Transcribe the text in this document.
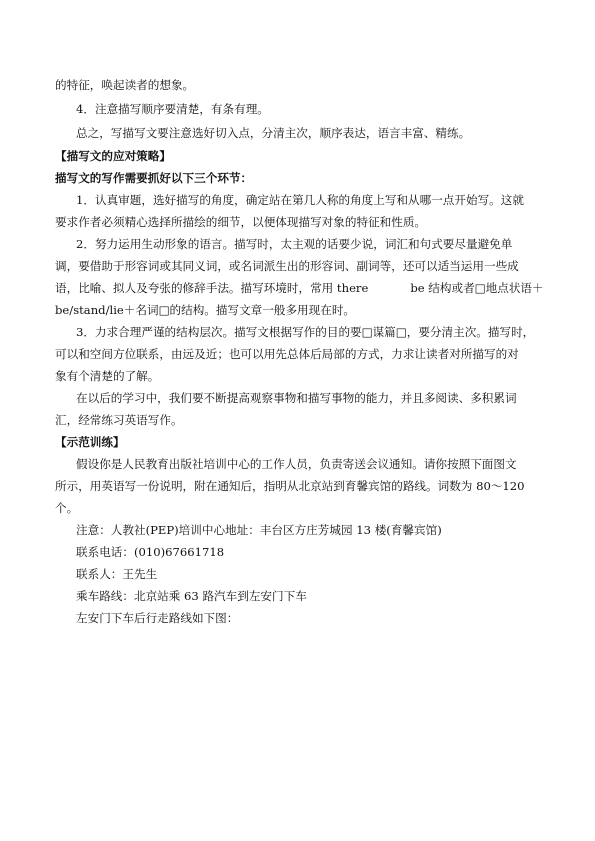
的特征，唤起读者的想象。
4．注意描写顺序要清楚，有条有理。
总之，写描写文要注意选好切入点，分清主次，顺序表达，语言丰富、精练。
【描写文的应对策略】
描写文的写作需要抓好以下三个环节：
1．认真审题，选好描写的角度，确定站在第几人称的角度上写和从哪一点开始写。这就
要求作者必须精心选择所描绘的细节，以便体现描写对象的特征和性质。
2．努力运用生动形象的语言。描写时，太主观的话要少说，词汇和句式要尽量避免单
调，要借助于形容词或其同义词，或名词派生出的形容词、副词等，还可以适当运用一些成
语，比喻、拟人及夸张的修辞手法。描写环境时，常用 there	be 结构或者□地点状语＋
be/stand/lie＋名词□的结构。描写文章一般多用现在时。
3．力求合理严谨的结构层次。描写文根据写作的目的要□谋篇□，要分清主次。描写时，
可以和空间方位联系，由远及近；也可以用先总体后局部的方式，力求让读者对所描写的对
象有个清楚的了解。
在以后的学习中，我们要不断提高观察事物和描写事物的能力，并且多阅读、多积累词
汇，经常练习英语写作。
【示范训练】
假设你是人民教育出版社培训中心的工作人员，负责寄送会议通知。请你按照下面图文
所示，用英语写一份说明，附在通知后，指明从北京站到育馨宾馆的路线。词数为 80～120
个。
注意：人教社(PEP)培训中心地址：丰台区方庄芳城园 13 楼(育馨宾馆)
联系电话：(010)67661718
联系人：王先生
乘车路线：北京站乘 63 路汽车到左安门下车
左安门下车后行走路线如下图：
